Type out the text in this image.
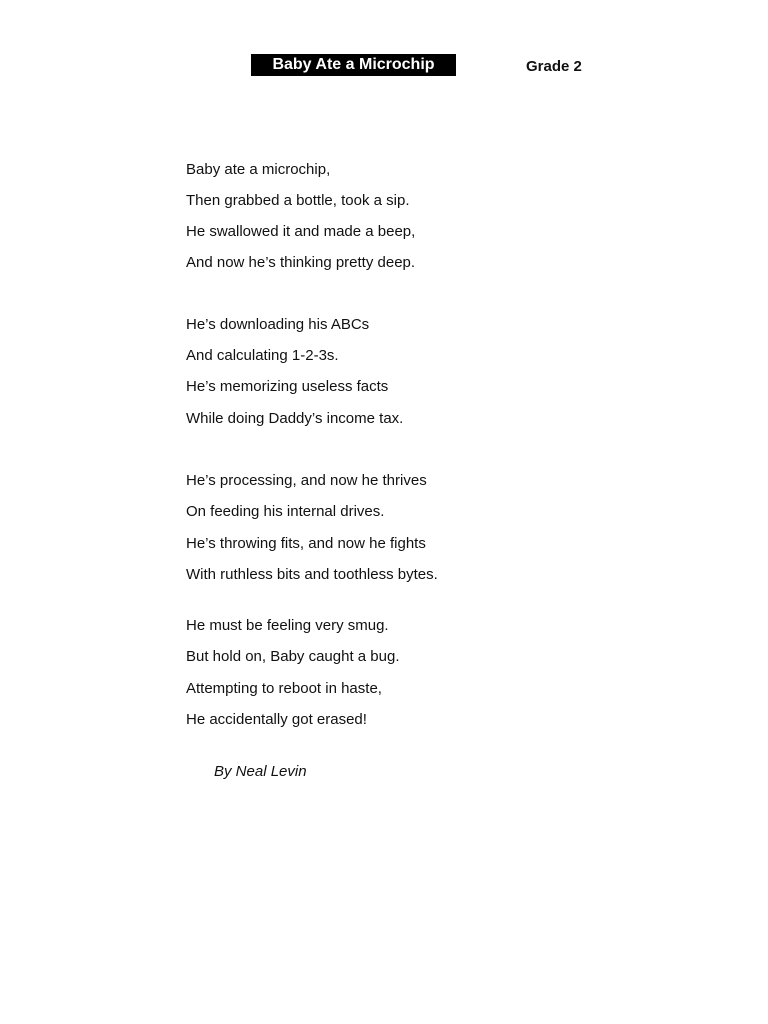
Baby Ate a Microchip	Grade 2
Baby ate a microchip,
Then grabbed a bottle, took a sip.
He swallowed it and made a beep,
And now he’s thinking pretty deep.
He’s downloading his ABCs
And calculating 1-2-3s.
He’s memorizing useless facts
While doing Daddy’s income tax.
He’s processing, and now he thrives
On feeding his internal drives.
He’s throwing fits, and now he fights
With ruthless bits and toothless bytes.
He must be feeling very smug.
But hold on, Baby caught a bug.
Attempting to reboot in haste,
He accidentally got erased!
By Neal Levin
